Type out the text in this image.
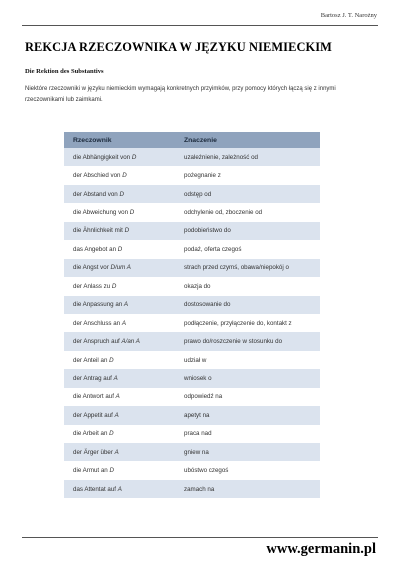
Bartosz J. T. Narożny
REKCJA RZECZOWNIKA W JĘZYKU NIEMIECKIM
Die Rektion des Substantivs
Niektóre rzeczowniki w języku niemieckim wymagają konkretnych przyimków, przy pomocy których łączą się z innymi rzeczownikami lub zaimkami.
Rzeczownik	Znaczenie
die Abhängigkeit von D	uzależnienie, zależność od
der Abschied von D	pożegnanie z
der Abstand von D	odstęp od
die Abweichung von D	odchylenie od, zboczenie od
die Ähnlichkeit mit D	podobieństwo do
das Angebot an D	podaż, oferta czegoś
die Angst vor D/um A	strach przed czymś, obawa/niepokój o
der Anlass zu D	okazja do
die Anpassung an A	dostosowanie do
der Anschluss an A	podłączenie, przyłączenie do, kontakt z
der Anspruch auf A/an A	prawo do/roszczenie w stosunku do
der Anteil an D	udział w
der Antrag auf A	wniosek o
die Antwort auf A	odpowiedź na
der Appetit auf A	apetyt na
die Arbeit an D	praca nad
der Ärger über A	gniew na
die Armut an D	ubóstwo czegoś
das Attentat auf A	zamach na
www.germanin.pl
